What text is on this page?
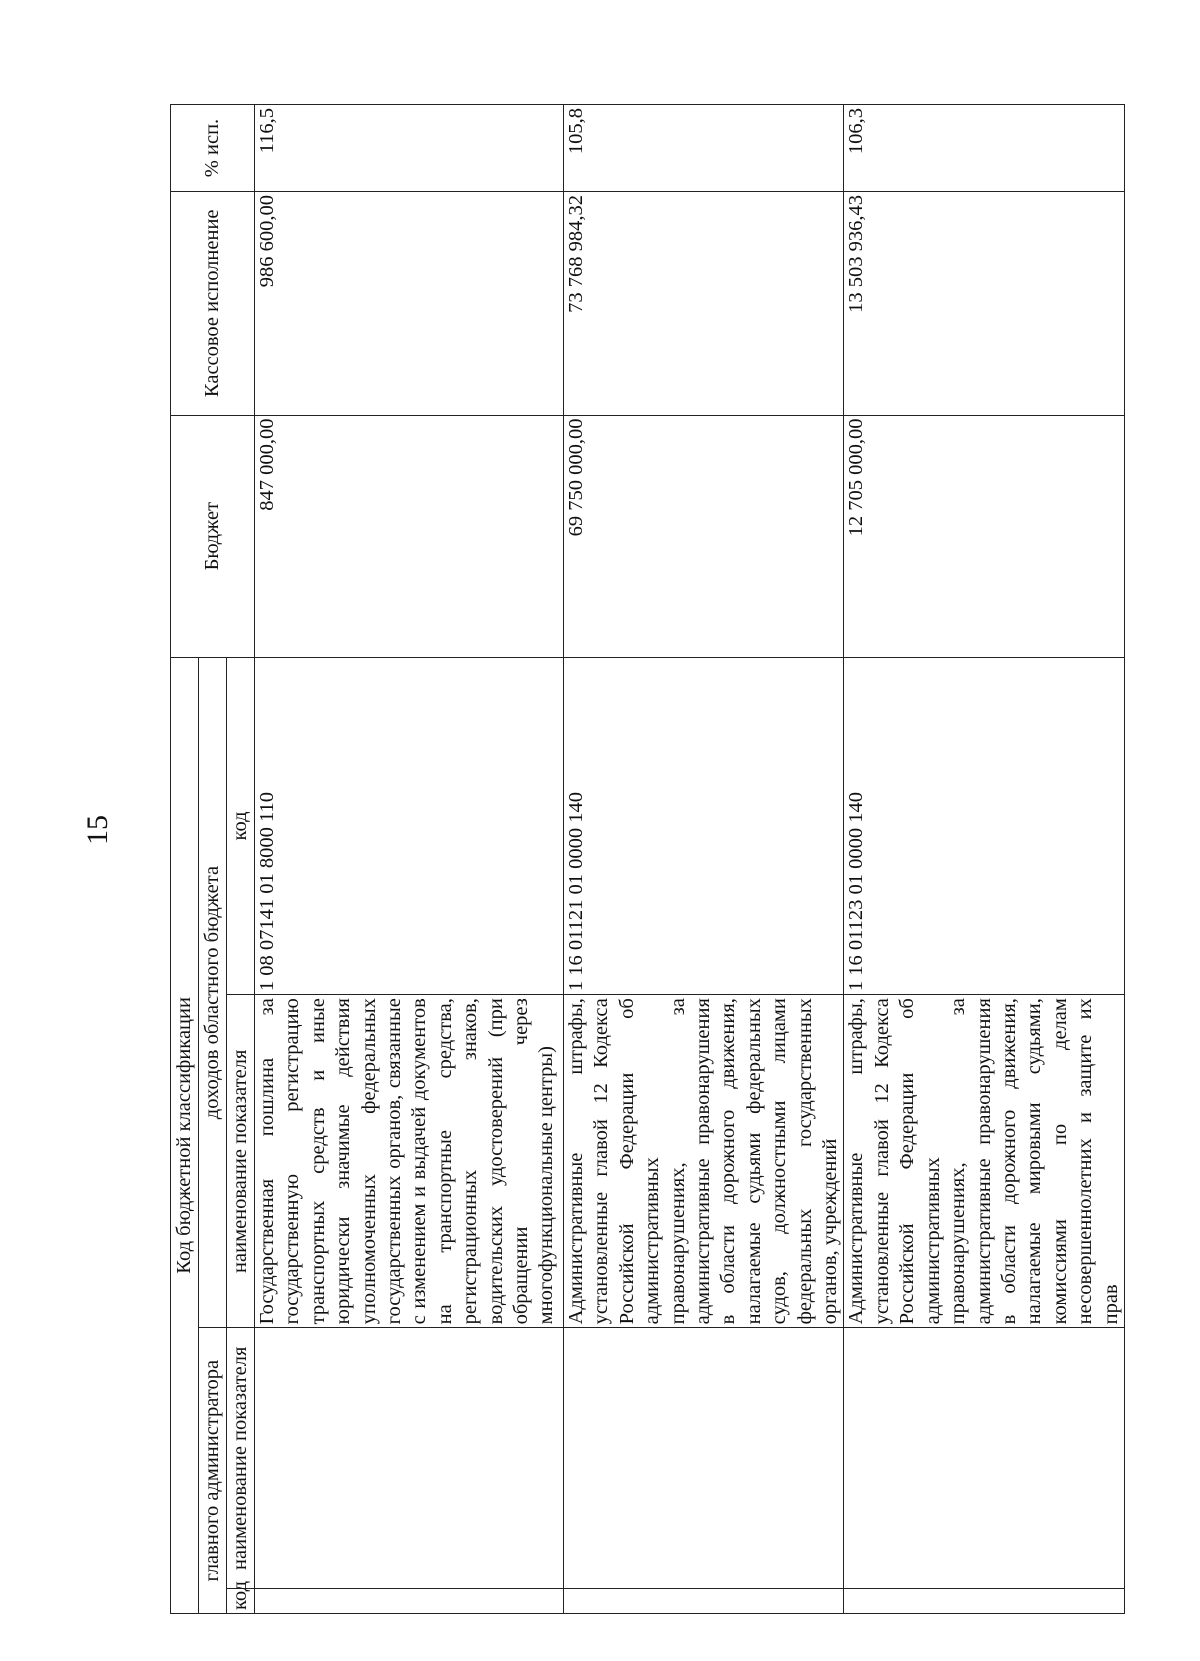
15
Код бюджетной классификации				Бюджет	Кассовое исполнение	% исп.
главного администратора		доходов областного бюджета				
код	наименование показателя	наименование показателя	код			
		Государственная пошлина за государственную регистрацию транспортных средств и иные юридически значимые действия уполномоченных федеральных государственных органов, связанные с изменением и выдачей документов на транспортные средства, регистрационных знаков, водительских удостоверений (при обращении через многофункциональные центры)	1 08 07141 01 8000 110	847 000,00	986 600,00	116,5
		Административные штрафы, установленные главой 12 Кодекса Российской Федерации об административных правонарушениях, за административные правонарушения в области дорожного движения, налагаемые судьями федеральных судов, должностными лицами федеральных государственных органов, учреждений	1 16 01121 01 0000 140	69 750 000,00	73 768 984,32	105,8
		Административные штрафы, установленные главой 12 Кодекса Российской Федерации об административных правонарушениях, за административные правонарушения в области дорожного движения, налагаемые мировыми судьями, комиссиями по делам несовершеннолетних и защите их прав	1 16 01123 01 0000 140	12 705 000,00	13 503 936,43	106,3
